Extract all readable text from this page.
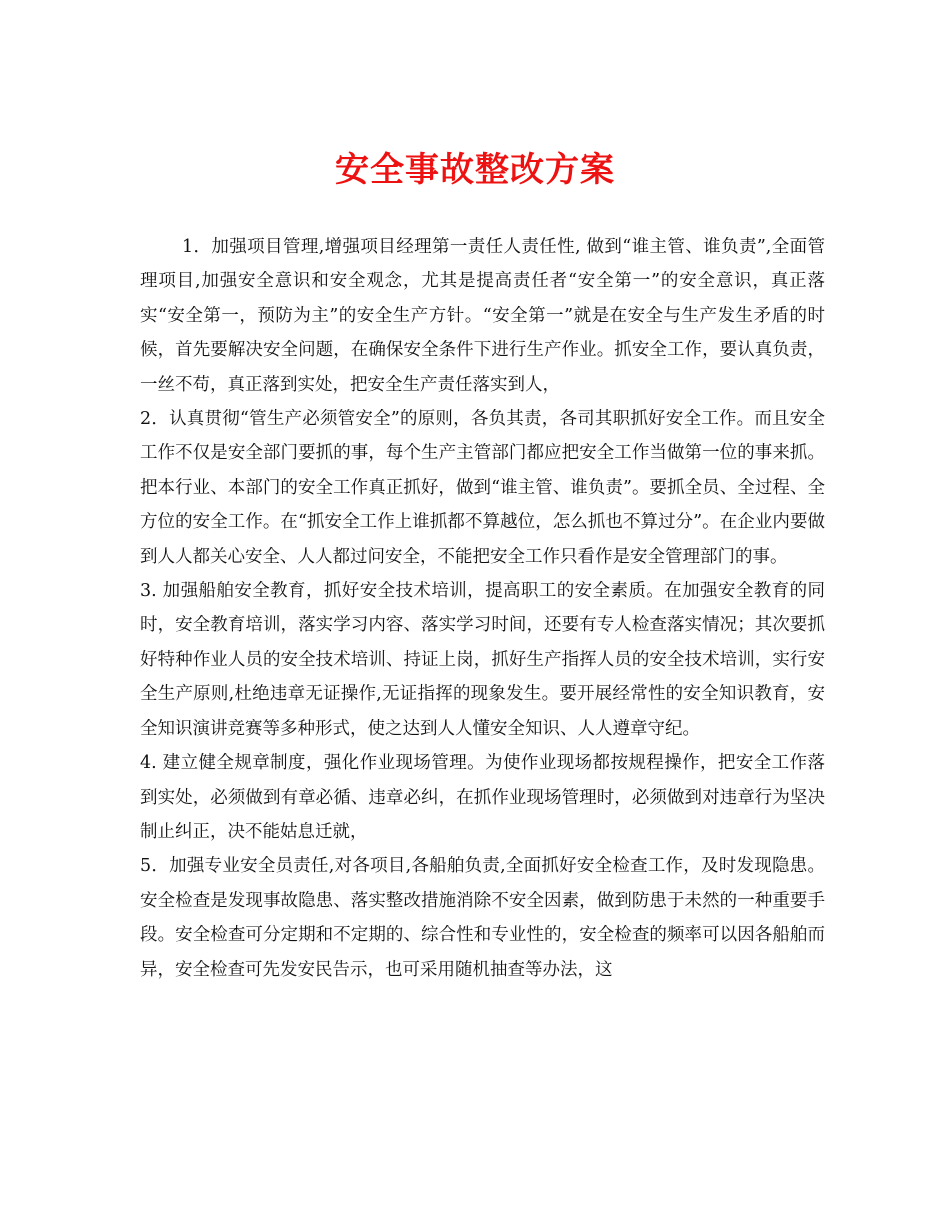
安全事故整改方案

1．加强项目管理,增强项目经理第一责任人责任性, 做到“谁主管、谁负责”,全面管理项目,加强安全意识和安全观念，尤其是提高责任者“安全第一”的安全意识，真正落实“安全第一，预防为主”的安全生产方针。“安全第一”就是在安全与生产发生矛盾的时候，首先要解决安全问题，在确保安全条件下进行生产作业。抓安全工作，要认真负责，一丝不苟，真正落到实处，把安全生产责任落实到人，

2．认真贯彻“管生产必须管安全”的原则，各负其责，各司其职抓好安全工作。而且安全工作不仅是安全部门要抓的事，每个生产主管部门都应把安全工作当做第一位的事来抓。把本行业、本部门的安全工作真正抓好，做到“谁主管、谁负责”。要抓全员、全过程、全方位的安全工作。在“抓安全工作上谁抓都不算越位，怎么抓也不算过分”。在企业内要做到人人都关心安全、人人都过问安全，不能把安全工作只看作是安全管理部门的事。

3. 加强船舶安全教育，抓好安全技术培训，提高职工的安全素质。在加强安全教育的同时，安全教育培训，落实学习内容、落实学习时间，还要有专人检查落实情况；其次要抓好特种作业人员的安全技术培训、持证上岗，抓好生产指挥人员的安全技术培训，实行安全生产原则,杜绝违章无证操作,无证指挥的现象发生。要开展经常性的安全知识教育，安全知识演讲竞赛等多种形式，使之达到人人懂安全知识、人人遵章守纪。

4. 建立健全规章制度，强化作业现场管理。为使作业现场都按规程操作，把安全工作落到实处，必须做到有章必循、违章必纠，在抓作业现场管理时，必须做到对违章行为坚决制止纠正，决不能姑息迁就，

5．加强专业安全员责任,对各项目,各船舶负责,全面抓好安全检查工作，及时发现隐患。安全检查是发现事故隐患、落实整改措施消除不安全因素，做到防患于未然的一种重要手段。安全检查可分定期和不定期的、综合性和专业性的，安全检查的频率可以因各船舶而异，安全检查可先发安民告示，也可采用随机抽查等办法，这
